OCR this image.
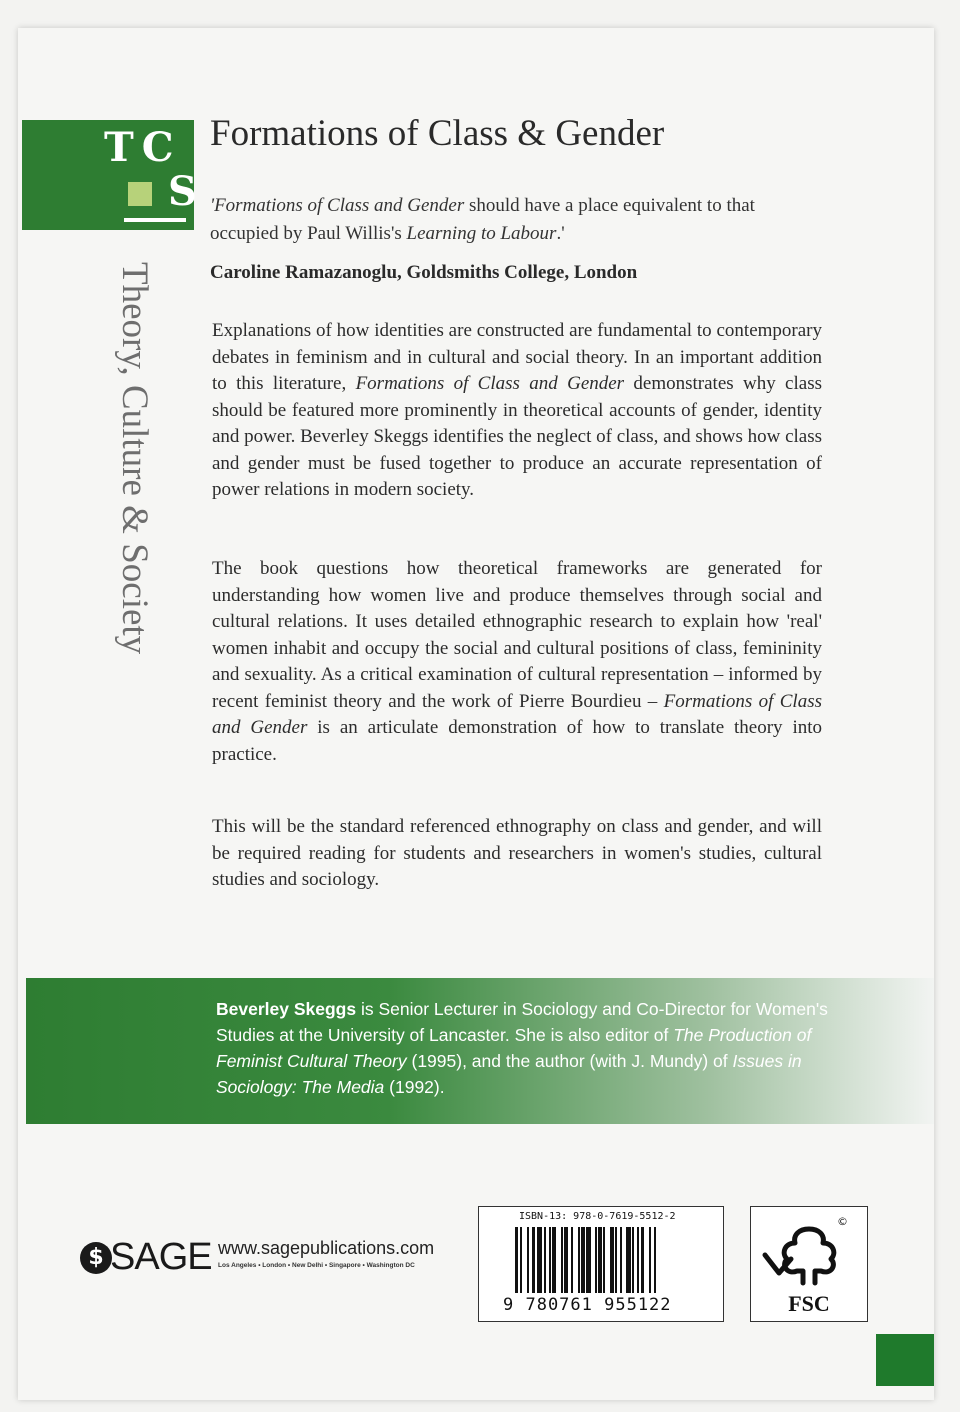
TC
S
Theory, Culture & Society
Formations of Class & Gender
'Formations of Class and Gender should have a place equivalent to that occupied by Paul Willis's Learning to Labour.'
Caroline Ramazanoglu, Goldsmiths College, London
Explanations of how identities are constructed are fundamental to contemporary debates in feminism and in cultural and social theory. In an important addition to this literature, Formations of Class and Gender demonstrates why class should be featured more prominently in theoretical accounts of gender, identity and power. Beverley Skeggs identifies the neglect of class, and shows how class and gender must be fused together to produce an accurate representation of power relations in modern society.
The book questions how theoretical frameworks are generated for understanding how women live and produce themselves through social and cultural relations. It uses detailed ethnographic research to explain how 'real' women inhabit and occupy the social and cultural positions of class, femininity and sexuality. As a critical examination of cultural representation – informed by recent feminist theory and the work of Pierre Bourdieu – Formations of Class and Gender is an articulate demonstration of how to translate theory into practice.
This will be the standard referenced ethnography on class and gender, and will be required reading for students and researchers in women's studies, cultural studies and sociology.
Beverley Skeggs is Senior Lecturer in Sociology and Co-Director for Women's Studies at the University of Lancaster. She is also editor of The Production of Feminist Cultural Theory (1995), and the author (with J. Mundy) of Issues in Sociology: The Media (1992).
$ SAGE www.sagepublications.com
Los Angeles • London • New Delhi • Singapore • Washington DC
ISBN-13: 978-0-7619-5512-2
9 780761 955122
©
FSC
